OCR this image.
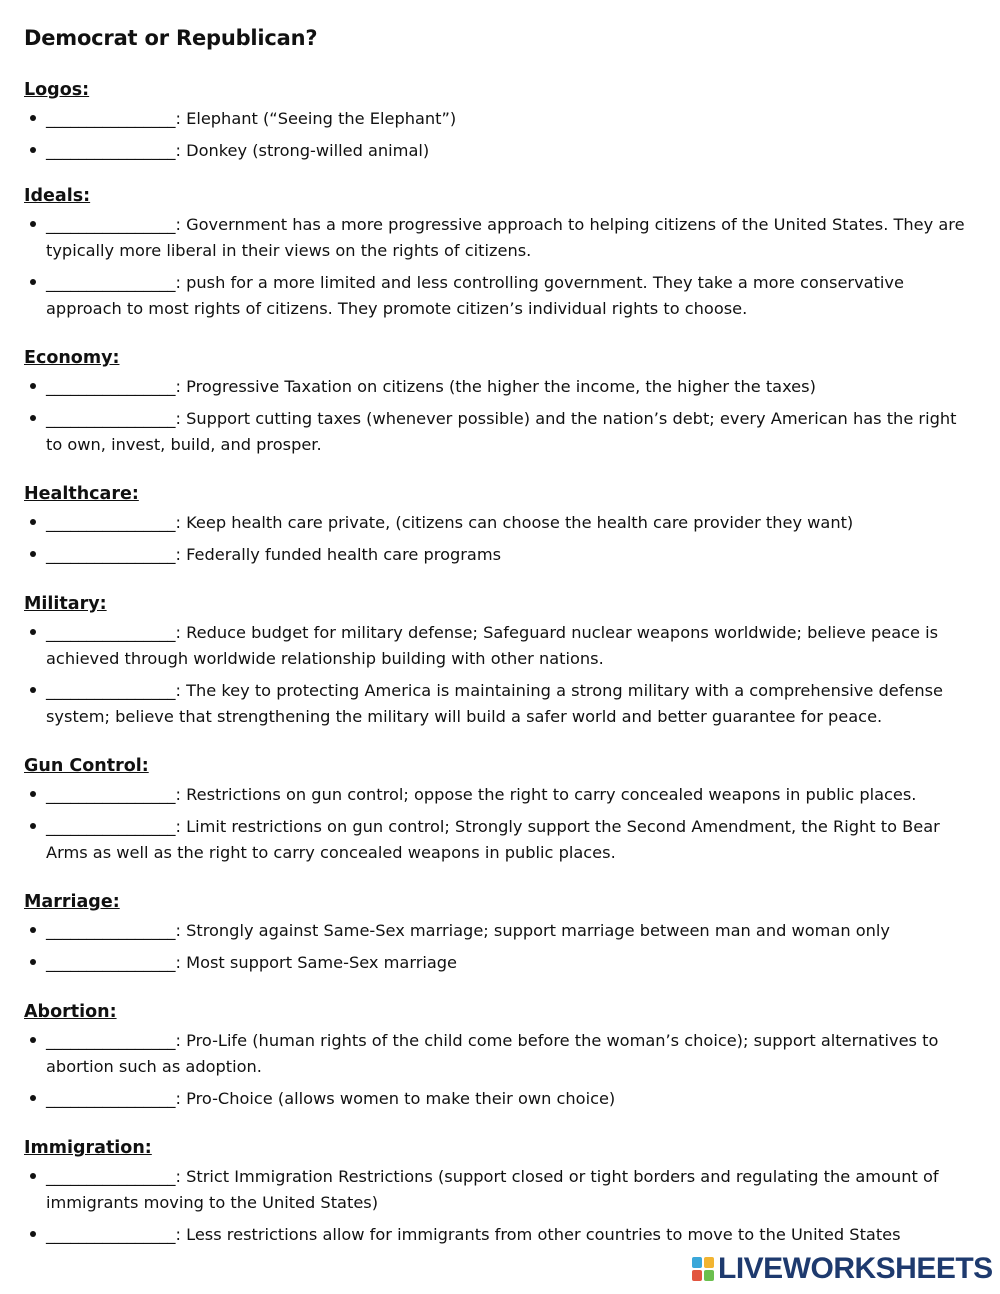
Democrat or Republican?
Logos:

________________: Elephant (“Seeing the Elephant”)

________________: Donkey (strong-willed animal)

Ideals:

________________: Government has a more progressive approach to helping citizens of the United States. They are typically more liberal in their views on the rights of citizens.

________________: push for a more limited and less controlling government. They take a more conservative approach to most rights of citizens. They promote citizen’s individual rights to choose.

Economy:

________________: Progressive Taxation on citizens (the higher the income, the higher the taxes)

________________: Support cutting taxes (whenever possible) and the nation’s debt; every American has the right to own, invest, build, and prosper.

Healthcare:

________________: Keep health care private, (citizens can choose the health care provider they want)

________________: Federally funded health care programs

Military:

________________: Reduce budget for military defense; Safeguard nuclear weapons worldwide; believe peace is achieved through worldwide relationship building with other nations.

________________: The key to protecting America is maintaining a strong military with a comprehensive defense system; believe that strengthening the military will build a safer world and better guarantee for peace.

Gun Control:

________________: Restrictions on gun control; oppose the right to carry concealed weapons in public places.

________________: Limit restrictions on gun control; Strongly support the Second Amendment, the Right to Bear Arms as well as the right to carry concealed weapons in public places.

Marriage:

________________: Strongly against Same-Sex marriage; support marriage between man and woman only

________________: Most support Same-Sex marriage

Abortion:

________________: Pro-Life (human rights of the child come before the woman’s choice); support alternatives to abortion such as adoption.

________________: Pro-Choice (allows women to make their own choice)

Immigration:

________________: Strict Immigration Restrictions (support closed or tight borders and regulating the amount of immigrants moving to the United States)

________________: Less restrictions allow for immigrants from other countries to move to the United States

LIVEWORKSHEETS
